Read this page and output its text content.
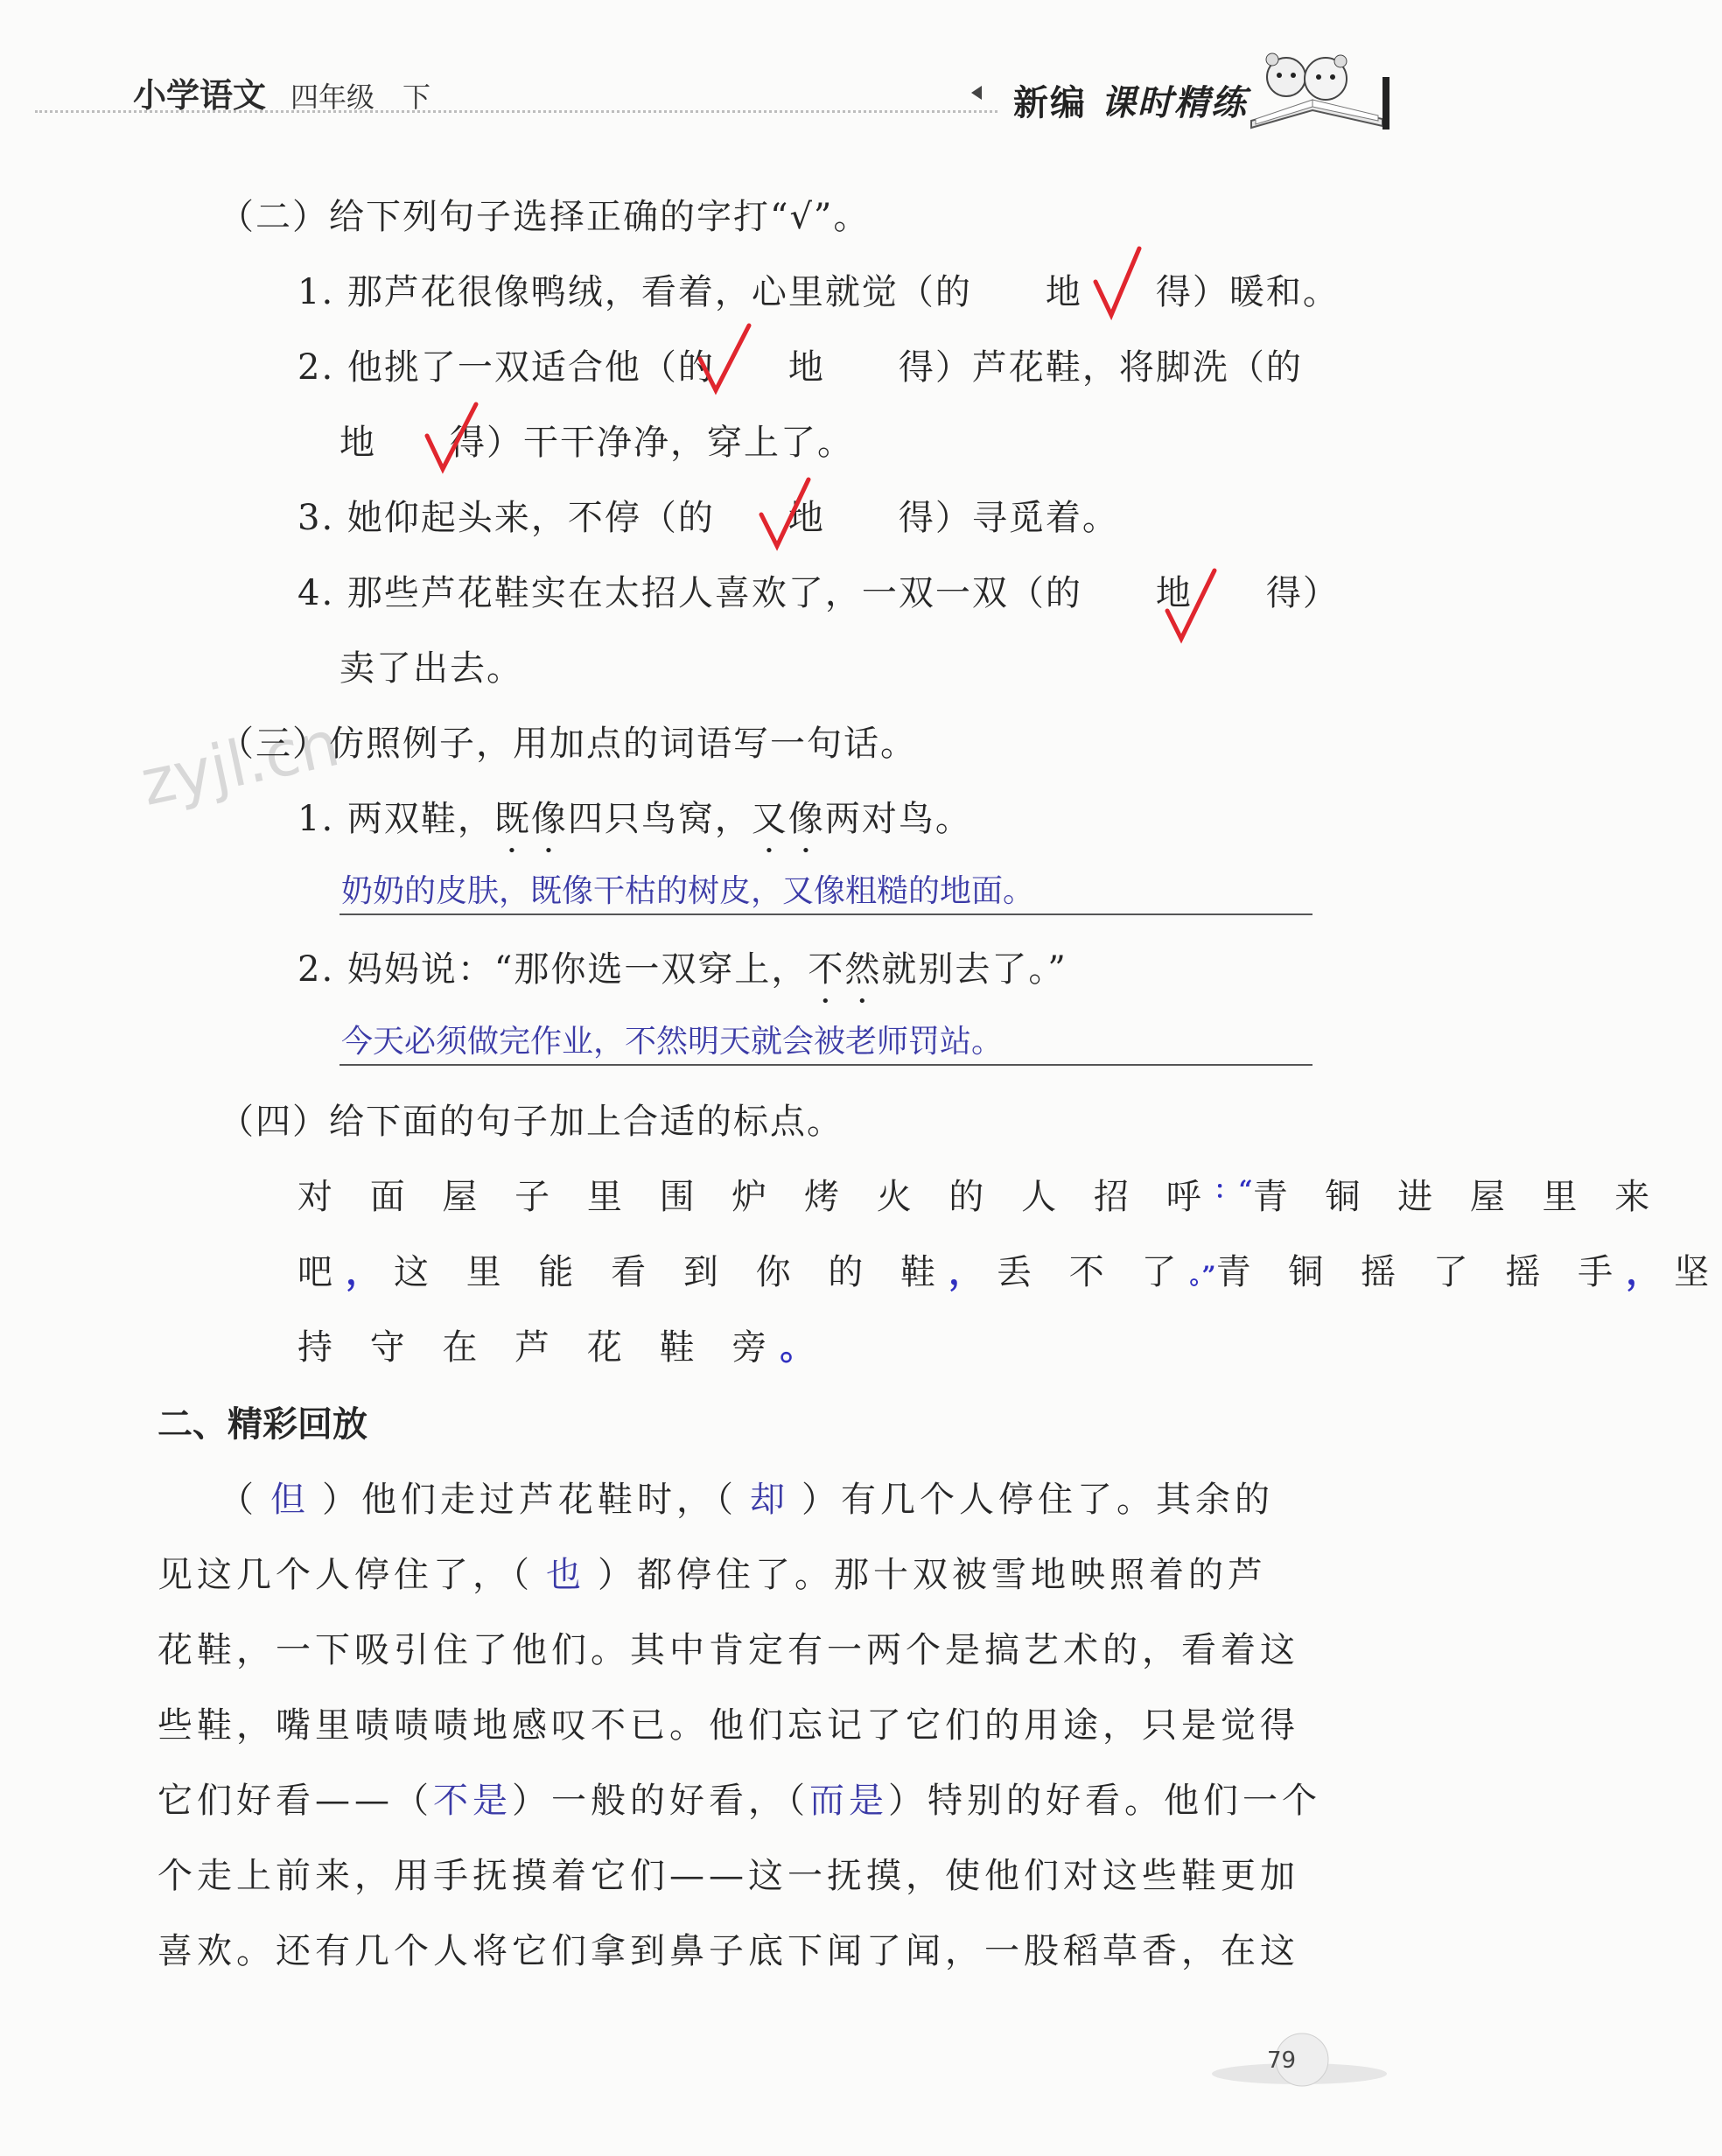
小学语文 四年级　下	新编 课时精练
zyjl.cn
（二）给下列句子选择正确的字打“√”。
1. 那芦花很像鸭绒，看着，心里就觉（的　　地　　得）暖和。
2. 他挑了一双适合他（的　　地　　得）芦花鞋，将脚洗（的
地　　得）干干净净，穿上了。
3. 她仰起头来，不停（的　　地　　得）寻觅着。
4. 那些芦花鞋实在太招人喜欢了，一双一双（的　　地　　得）
卖了出去。
（三）仿照例子，用加点的词语写一句话。
1. 两双鞋，既像四只鸟窝，又像两对鸟。
奶奶的皮肤，既像干枯的树皮，又像粗糙的地面。
2. 妈妈说：“那你选一双穿上，不然就别去了。”
今天必须做完作业，不然明天就会被老师罚站。
（四）给下面的句子加上合适的标点。
对 面 屋 子 里 围 炉 烤 火 的 人 招 呼：“青 铜 进 屋 里 来
吧，这 里 能 看 到 你 的 鞋，丢 不 了。”青 铜 摇 了 摇 手，坚
持 守 在 芦 花 鞋 旁。
二、精彩回放
（ 但 ）他们走过芦花鞋时，（ 却 ）有几个人停住了。其余的
见这几个人停住了，（ 也 ）都停住了。那十双被雪地映照着的芦
花鞋，一下吸引住了他们。其中肯定有一两个是搞艺术的，看着这
些鞋，嘴里啧啧啧地感叹不已。他们忘记了它们的用途，只是觉得
它们好看——（不是）一般的好看，（而是）特别的好看。他们一个
个走上前来，用手抚摸着它们——这一抚摸，使他们对这些鞋更加
喜欢。还有几个人将它们拿到鼻子底下闻了闻，一股稻草香，在这
79
